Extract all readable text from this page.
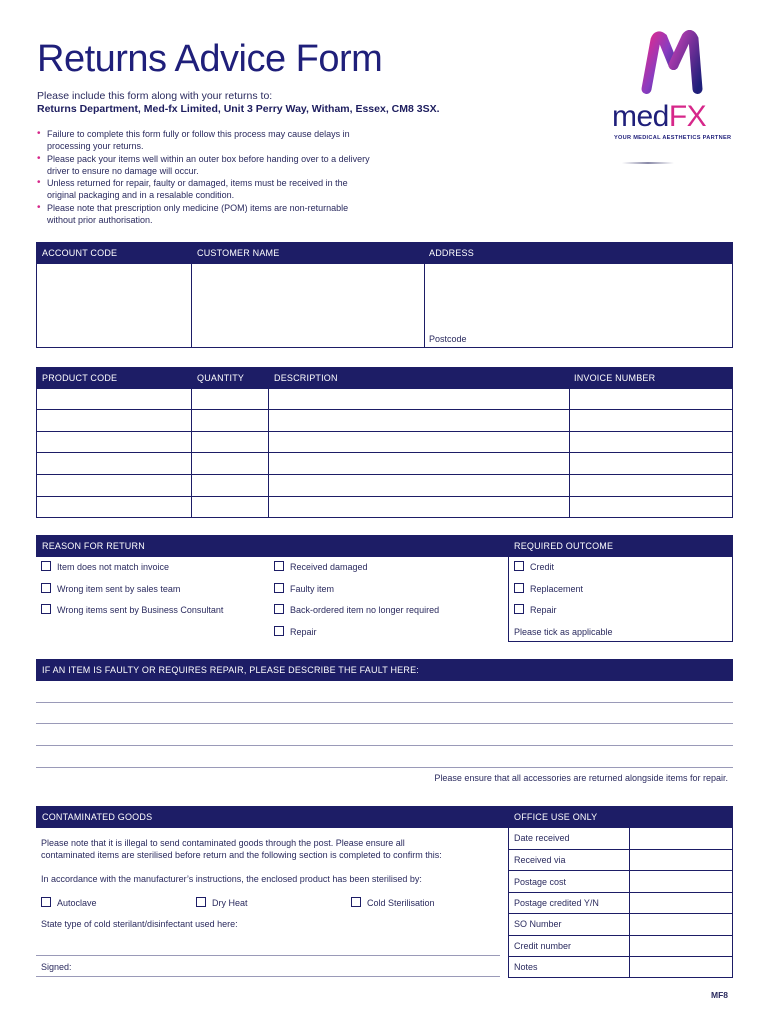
Returns Advice Form
Please include this form along with your returns to:
Returns Department, Med-fx Limited, Unit 3 Perry Way, Witham, Essex, CM8 3SX.
• Failure to complete this form fully or follow this process may cause delays in processing your returns.
• Please pack your items well within an outer box before handing over to a delivery driver to ensure no damage will occur.
• Unless returned for repair, faulty or damaged, items must be received in the original packaging and in a resalable condition.
• Please note that prescription only medicine (POM) items are non-returnable without prior authorisation.
medFX
YOUR MEDICAL AESTHETICS PARTNER
ACCOUNT CODE	CUSTOMER NAME	ADDRESS
Postcode
PRODUCT CODE	QUANTITY	DESCRIPTION	INVOICE NUMBER
REASON FOR RETURN	REQUIRED OUTCOME
Item does not match invoice
Wrong item sent by sales team
Wrong items sent by Business Consultant
Received damaged
Faulty item
Back-ordered item no longer required
Repair
Credit
Replacement
Repair
Please tick as applicable
IF AN ITEM IS FAULTY OR REQUIRES REPAIR, PLEASE DESCRIBE THE FAULT HERE:
Please ensure that all accessories are returned alongside items for repair.
CONTAMINATED GOODS	OFFICE USE ONLY
Please note that it is illegal to send contaminated goods through the post. Please ensure all
contaminated items are sterilised before return and the following section is completed to confirm this:
In accordance with the manufacturer’s instructions, the enclosed product has been sterilised by:
Autoclave	Dry Heat	Cold Sterilisation
State type of cold sterilant/disinfectant used here:
Signed:
Date received
Received via
Postage cost
Postage credited Y/N
SO Number
Credit number
Notes
MF8
